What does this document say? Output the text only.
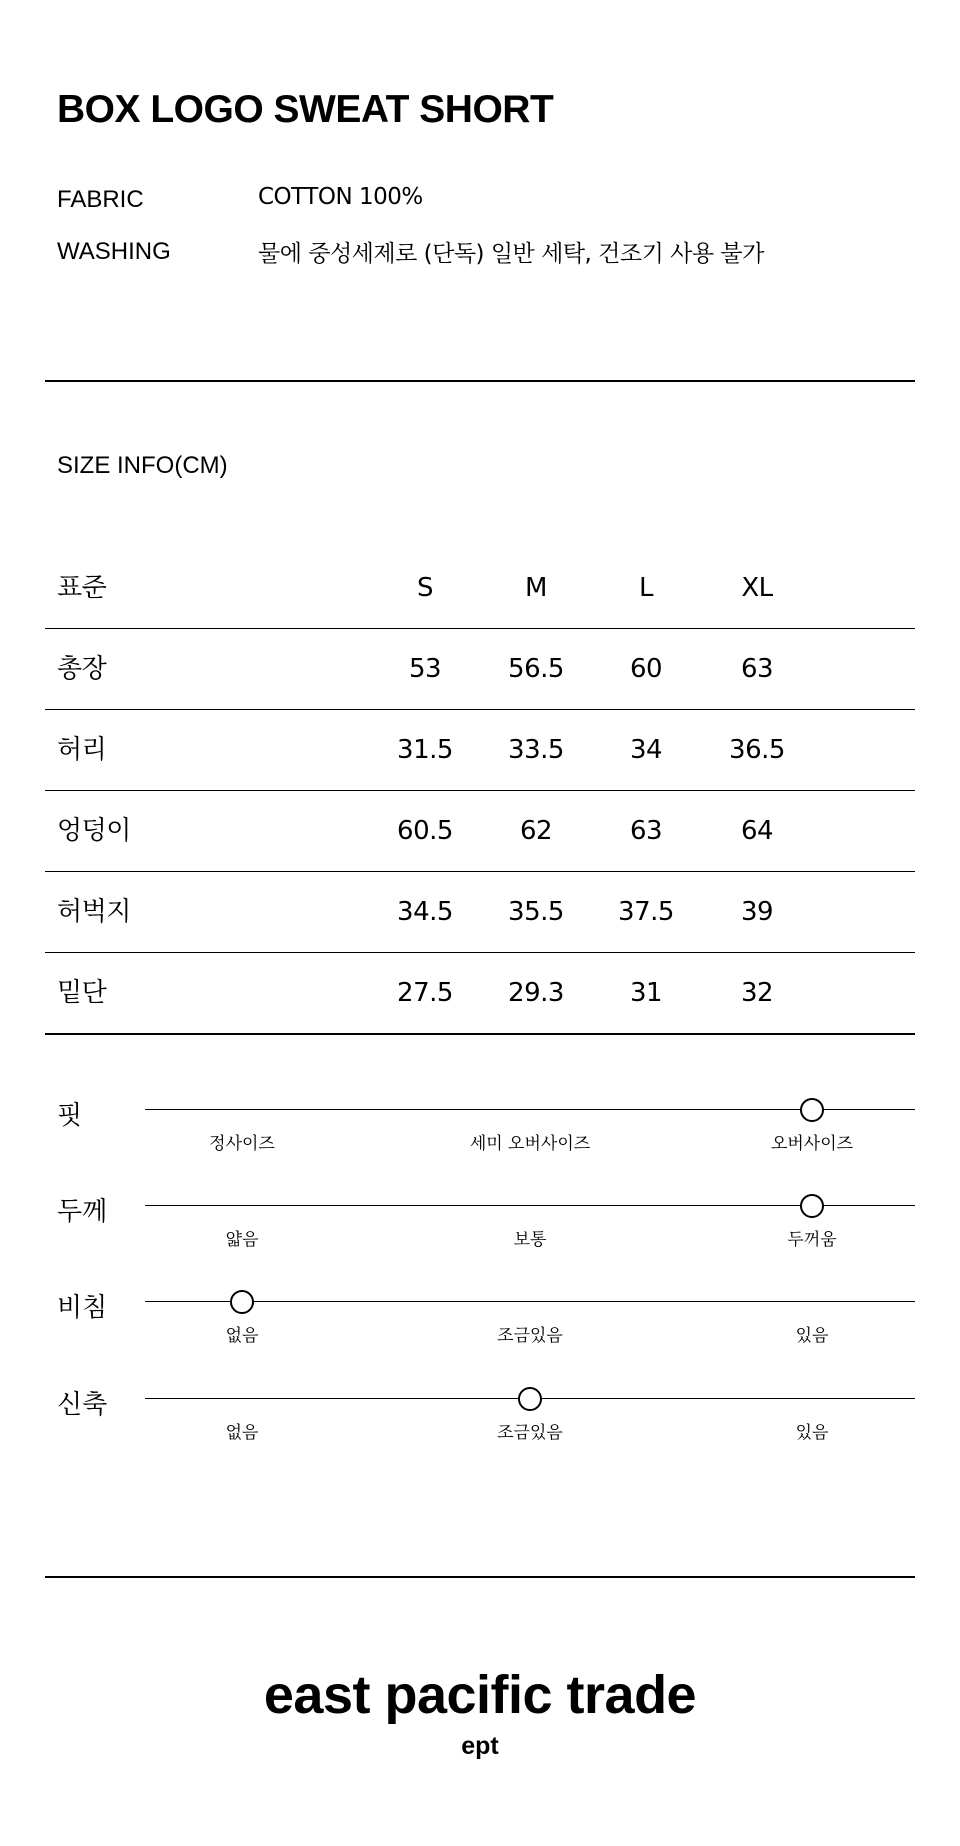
BOX LOGO SWEAT SHORT
FABRIC	COTTON 100%
WASHING	물에 중성세제로 (단독) 일반 세탁, 건조기 사용 불가
SIZE INFO(CM)
표준	S	M	L	XL
총장	53	56.5	60	63
허리	31.5	33.5	34	36.5
엉덩이	60.5	62	63	64
허벅지	34.5	35.5	37.5	39
밑단	27.5	29.3	31	32
핏
정사이즈	세미 오버사이즈	오버사이즈
두께
얇음	보통	두꺼움
비침
없음	조금있음	있음
신축
없음	조금있음	있음
east pacific trade
ept
